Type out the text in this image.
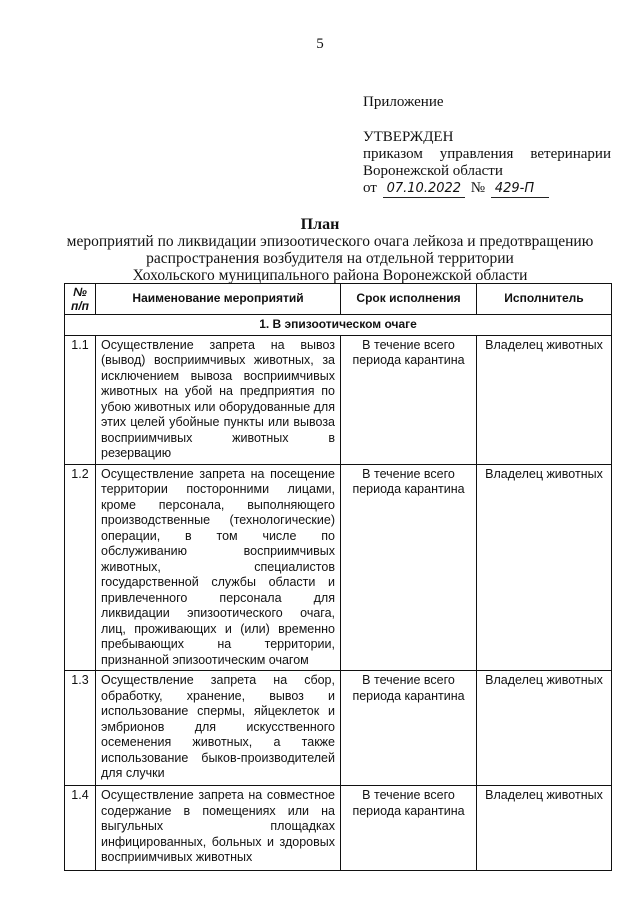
5
Приложение
УТВЕРЖДЕН
приказом управления ветеринарии
Воронежской области
от 07.10.2022 № 429-П
План
мероприятий по ликвидации эпизоотического очага лейкоза и предотвращению
распространения возбудителя на отдельной территории
Хохольского муниципального района Воронежской области
№ п/п	Наименование мероприятий	Срок исполнения	Исполнитель
1. В эпизоотическом очаге			
1.1	Осуществление запрета на вывоз (вывод) восприимчивых животных, за исключением вывоза восприимчивых животных на убой на предприятия по убою животных или оборудованные для этих целей убойные пункты или вывоза восприимчивых животных в резервацию	В течение всего периода карантина	Владелец животных
1.2	Осуществление запрета на посещение территории посторонними лицами, кроме персонала, выполняющего производственные (технологические) операции, в том числе по обслуживанию восприимчивых животных, специалистов государственной службы области и привлеченного персонала для ликвидации эпизоотического очага, лиц, проживающих и (или) временно пребывающих на территории, признанной эпизоотическим очагом	В течение всего периода карантина	Владелец животных
1.3	Осуществление запрета на сбор, обработку, хранение, вывоз и использование спермы, яйцеклеток и эмбрионов для искусственного осеменения животных, а также использование быков-производителей для случки	В течение всего периода карантина	Владелец животных
1.4	Осуществление запрета на совместное содержание в помещениях или на выгульных площадках инфицированных, больных и здоровых восприимчивых животных	В течение всего периода карантина	Владелец животных
